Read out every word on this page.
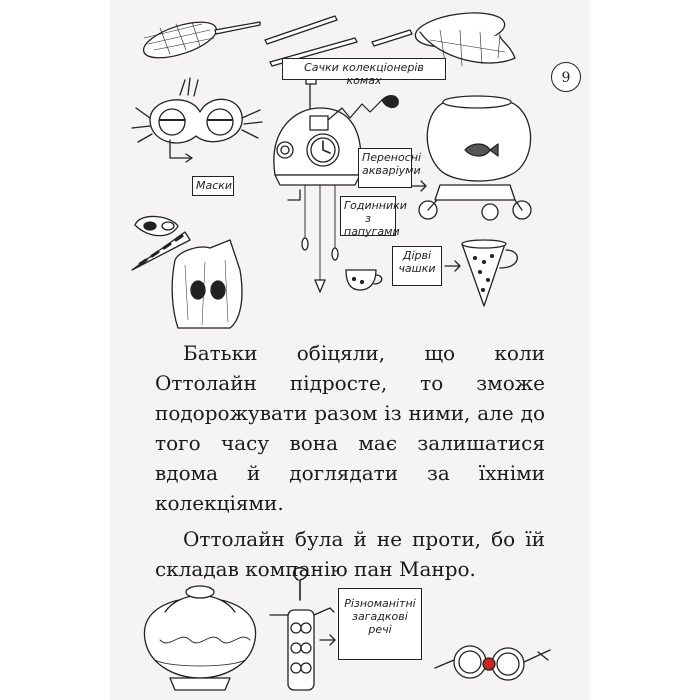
Сачки колекціонерів комах
Маски
Переносні акваріуми
Годинники з папугами
Дірві чашки
Різноманітні загадкові речі
9

Батьки обіцяли, що коли Оттолайн підросте, то зможе подорожувати разом із ними, але до того часу вона має залишатися вдома й доглядати за їхніми колекціями.

Оттолайн була й не проти, бо їй складав компанію пан Манро.
